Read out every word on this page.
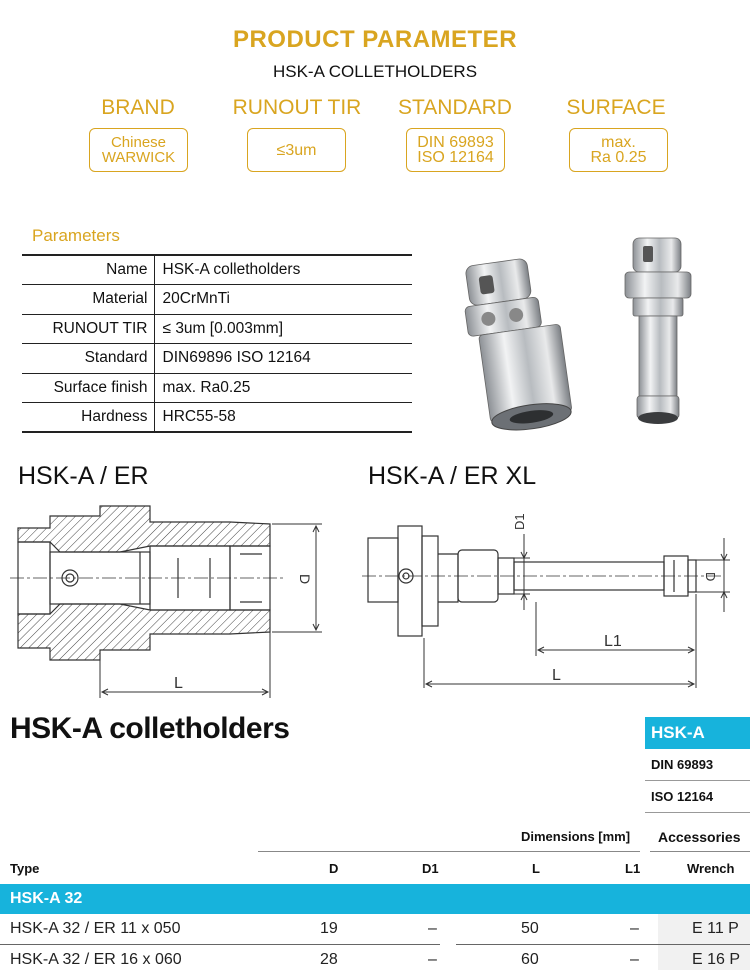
PRODUCT PARAMETER
HSK-A COLLETHOLDERS
BRAND	RUNOUT TIR	STANDARD	SURFACE
Chinese
WARWICK	≤3um	DIN 69893
ISO 12164
max.
Ra 0.25
Parameters
Name	HSK-A colletholders
Material	20CrMnTi
RUNOUT TIR	≤ 3um [0.003mm]
Standard	DIN69896 ISO 12164
Surface finish	max. Ra0.25
Hardness	HRC55-58
HSK-A / ER	HSK-A / ER XL
D
L
D1
D
L1
L
HSK-A colletholders	HSK-A
DIN 69893
ISO 12164
Dimensions [mm] Accessories
Type	D	D1	L	L1	Wrench
HSK-A 32
HSK-A 32 / ER 11 x 050	19	–	50	–	E 11 P
HSK-A 32 / ER 16 x 060	28	–	60	–	E 16 P
